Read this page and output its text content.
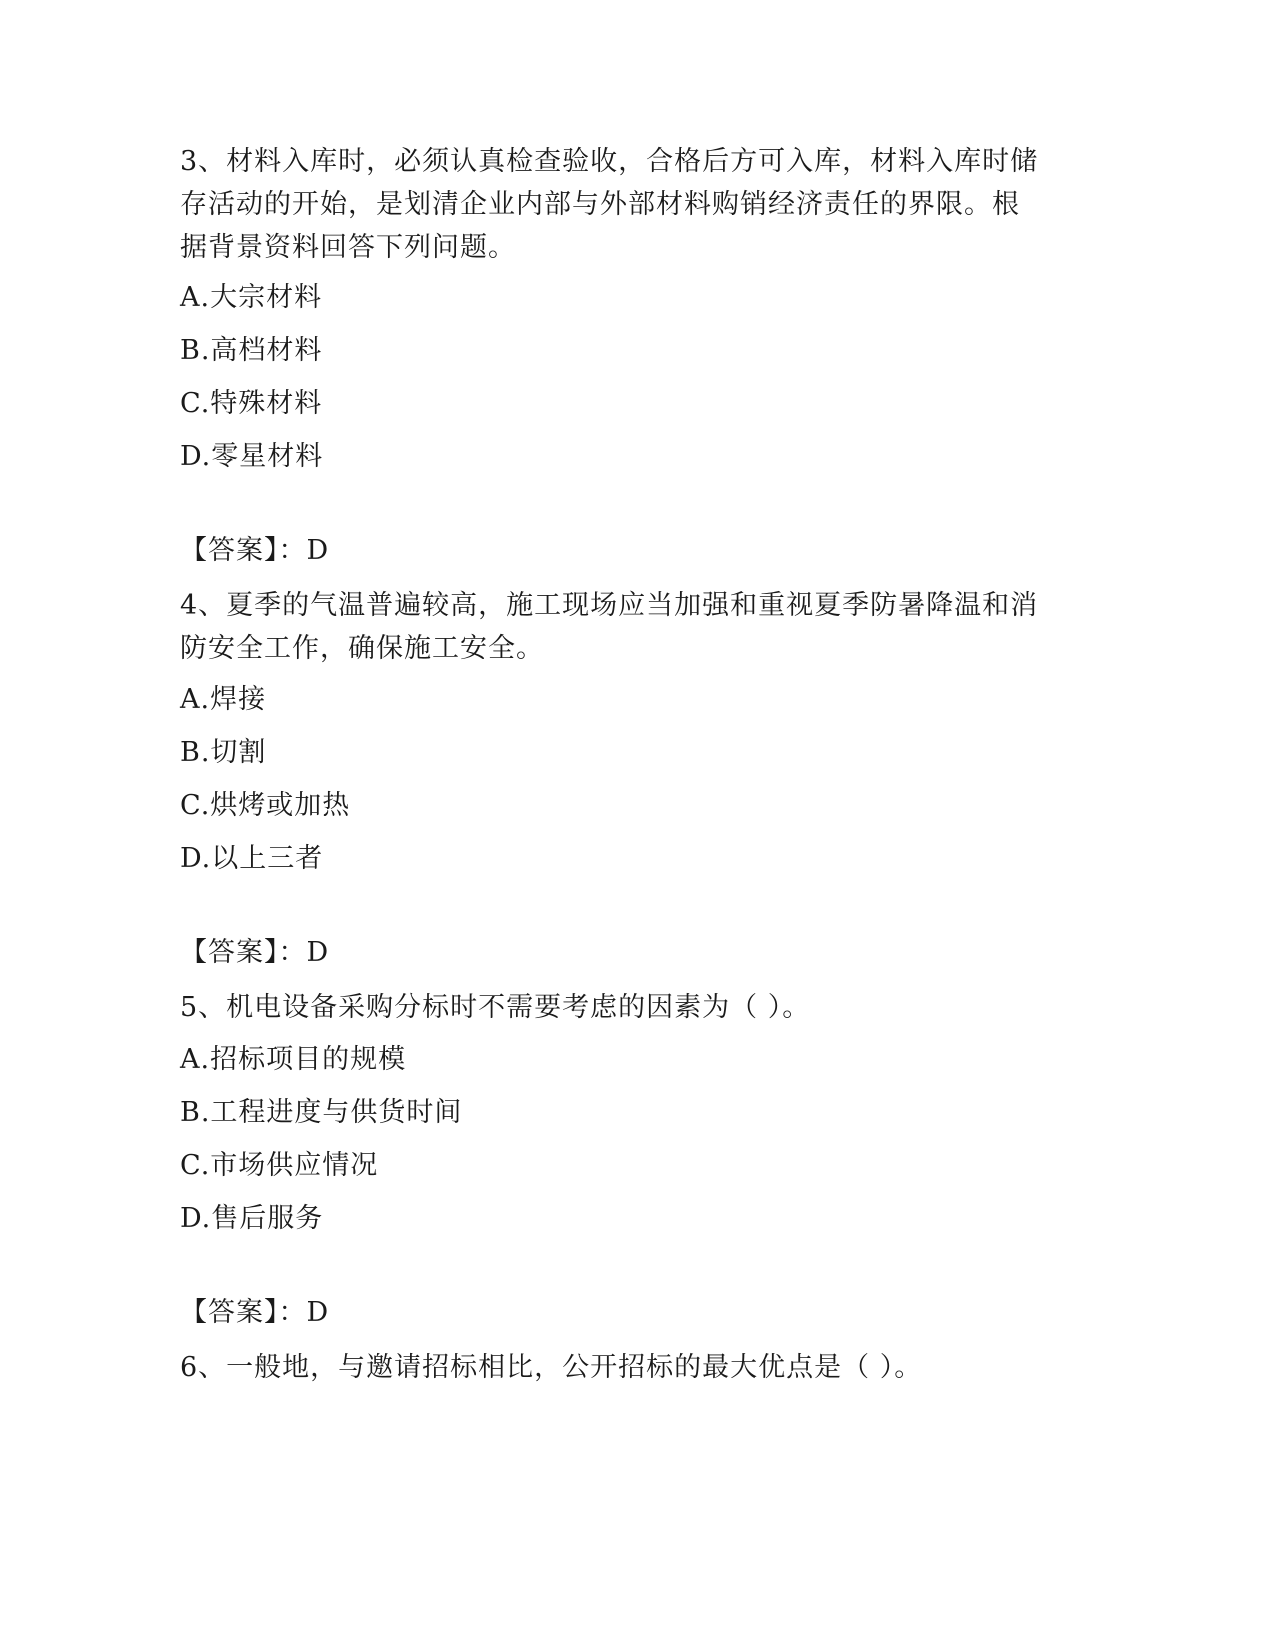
3、材料入库时，必须认真检查验收，合格后方可入库，材料入库时储存活动的开始，是划清企业内部与外部材料购销经济责任的界限。根据背景资料回答下列问题。

A.大宗材料
B.高档材料
C.特殊材料
D.零星材料
【答案】：D

4、夏季的气温普遍较高，施工现场应当加强和重视夏季防暑降温和消防安全工作，确保施工安全。

A.焊接
B.切割
C.烘烤或加热
D.以上三者
【答案】：D

5、机电设备采购分标时不需要考虑的因素为（ ）。

A.招标项目的规模
B.工程进度与供货时间
C.市场供应情况
D.售后服务
【答案】：D

6、一般地，与邀请招标相比，公开招标的最大优点是（ ）。
